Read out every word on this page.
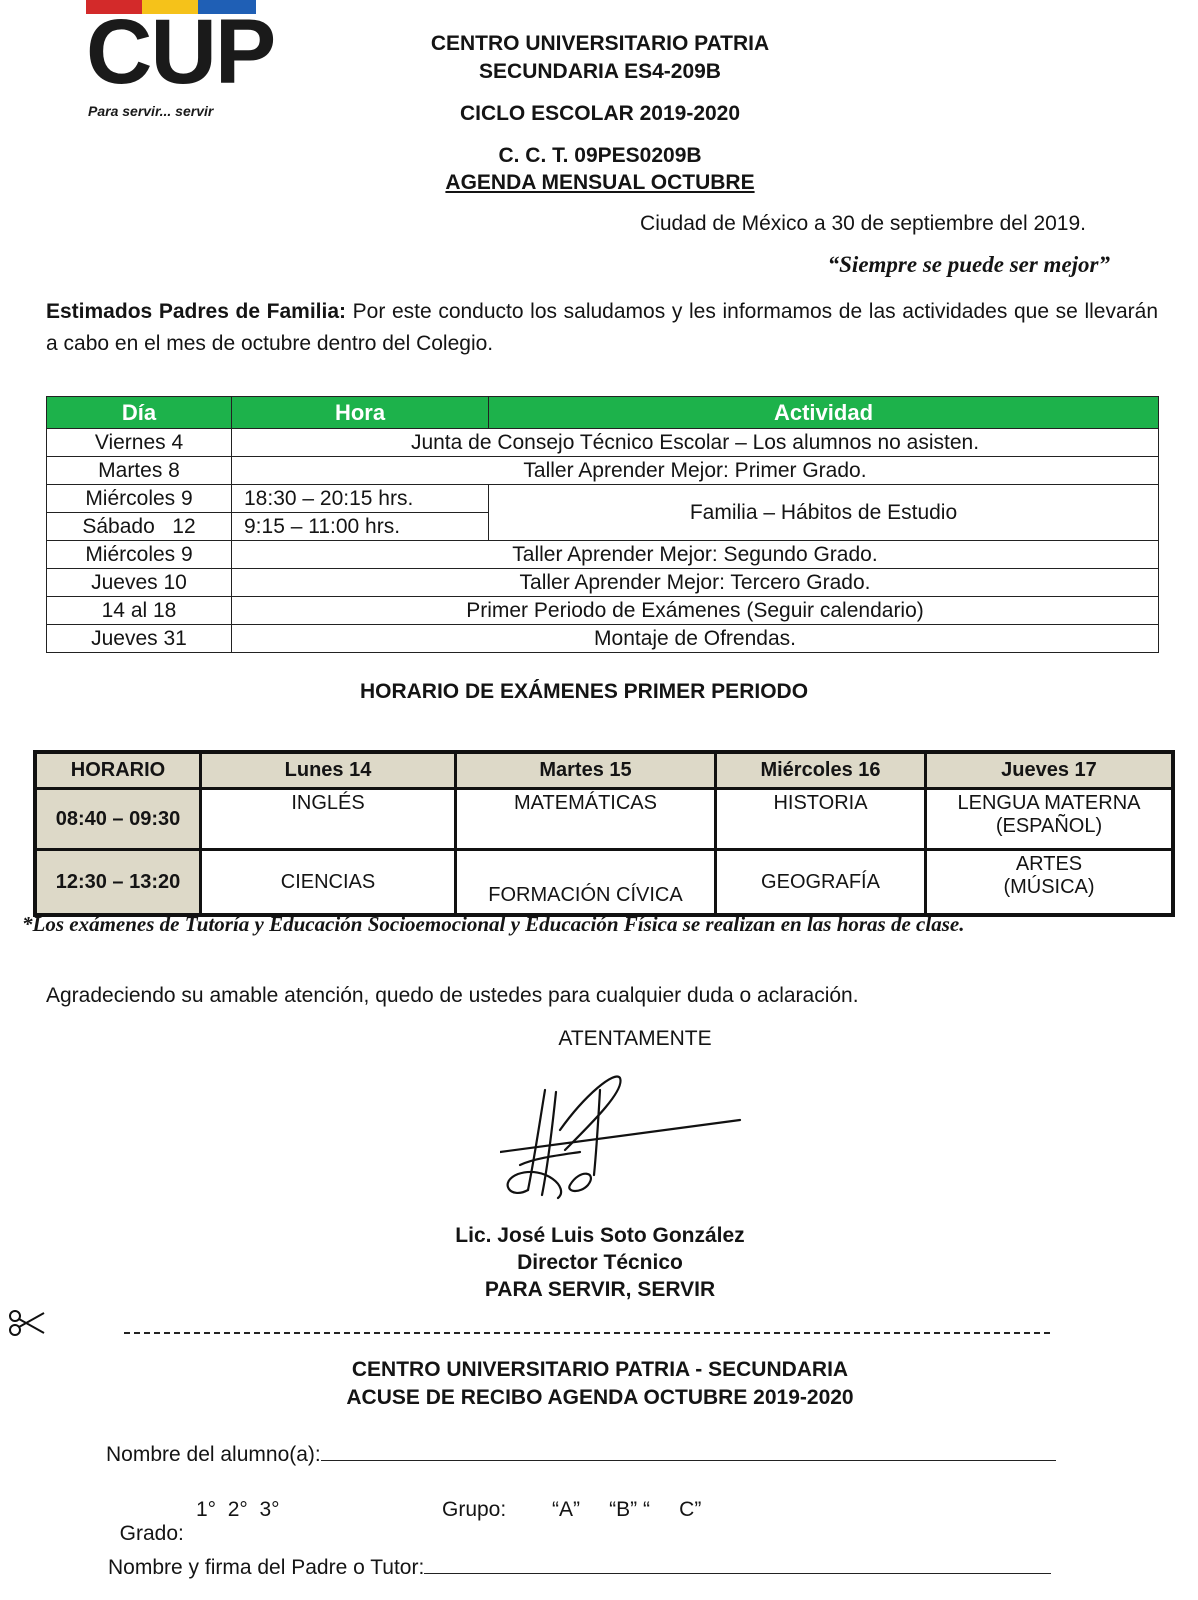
CUP
Para servir... servir
CENTRO UNIVERSITARIO PATRIA
SECUNDARIA ES4-209B
CICLO ESCOLAR 2019-2020
C. C. T. 09PES0209B
AGENDA MENSUAL OCTUBRE
Ciudad de México a 30 de septiembre del 2019.
“Siempre se puede ser mejor”
Estimados Padres de Familia: Por este conducto los saludamos y les informamos de las actividades que se llevarán a cabo en el mes de octubre dentro del Colegio.
Día	Hora	Actividad
Viernes 4	Junta de Consejo Técnico Escolar – Los alumnos no asisten.	
Martes 8	Taller Aprender Mejor: Primer Grado.	
Miércoles 9	18:30 – 20:15 hrs.	Familia – Hábitos de Estudio
Sábado   12	9:15 – 11:00 hrs.	
Miércoles 9	Taller Aprender Mejor: Segundo Grado.	
Jueves 10	Taller Aprender Mejor: Tercero Grado.	
14 al 18	Primer Periodo de Exámenes (Seguir calendario)	
Jueves 31	Montaje de Ofrendas.	
HORARIO DE EXÁMENES PRIMER PERIODO
HORARIO	Lunes 14	Martes 15	Miércoles 16	Jueves 17
08:40 – 09:30	INGLÉS	MATEMÁTICAS	HISTORIA	LENGUA MATERNA
(ESPAÑOL)

12:30 – 13:20	CIENCIAS	FORMACIÓN CÍVICA	GEOGRAFÍA	ARTES
(MÚSICA)
*Los exámenes de Tutoría y Educación Socioemocional y Educación Física se realizan en las horas de clase.
Agradeciendo su amable atención, quedo de ustedes para cualquier duda o aclaración.
ATENTAMENTE
Lic. José Luis Soto González
Director Técnico
PARA SERVIR, SERVIR
CENTRO UNIVERSITARIO PATRIA - SECUNDARIA
ACUSE DE RECIBO AGENDA OCTUBRE 2019-2020
Nombre del alumno(a):

Grado:

1°  2°  3°	Grupo: “A”     “B” “     C”
Nombre y firma del Padre o Tutor:
